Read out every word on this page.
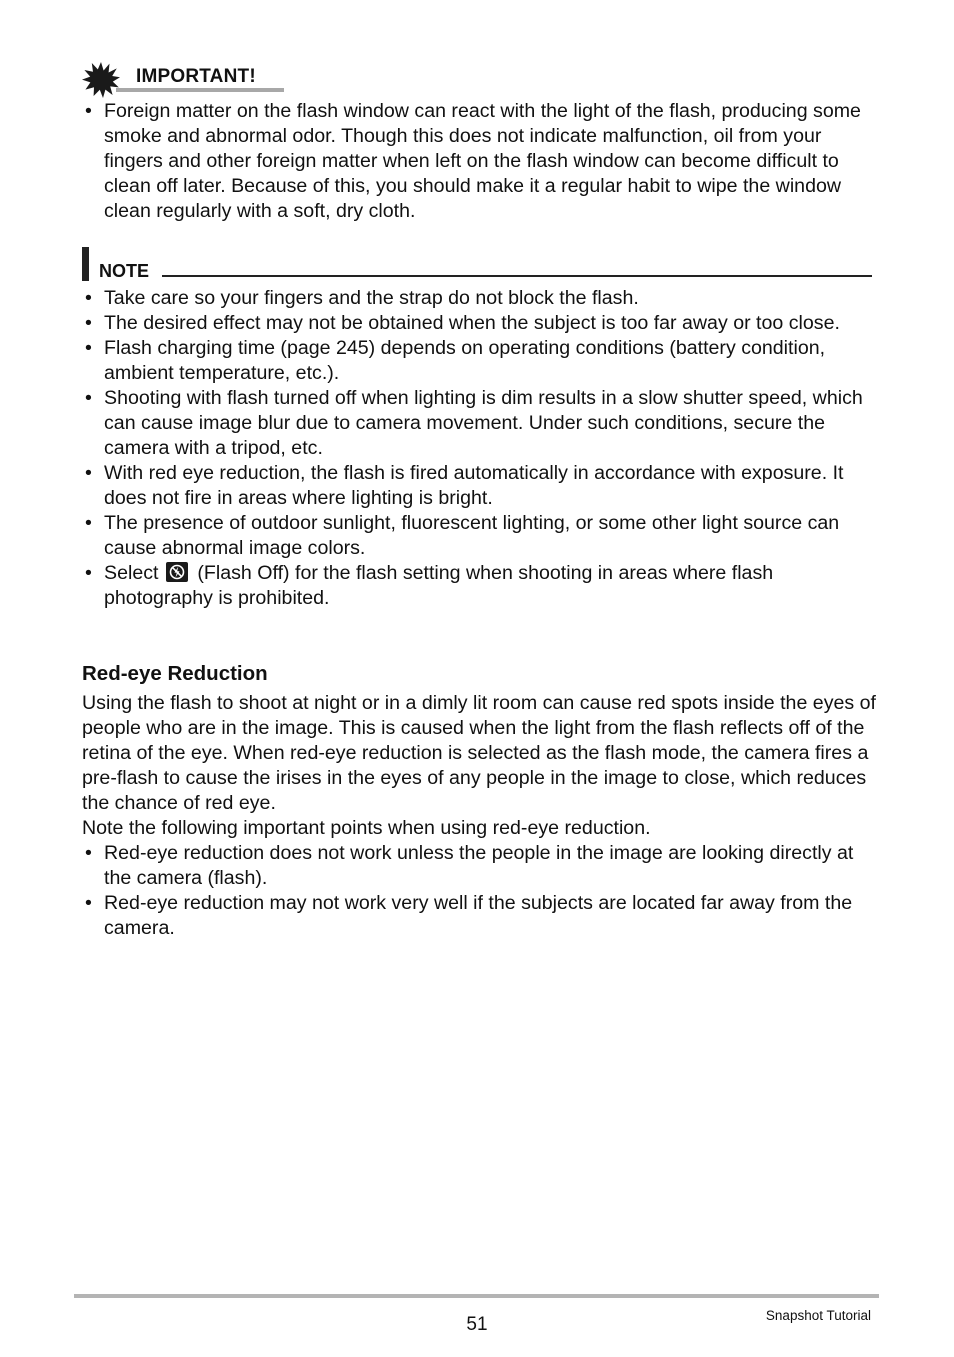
IMPORTANT!
• Foreign matter on the flash window can react with the light of the flash, producing some smoke and abnormal odor. Though this does not indicate malfunction, oil from your fingers and other foreign matter when left on the flash window can become difficult to clean off later. Because of this, you should make it a regular habit to wipe the window clean regularly with a soft, dry cloth.
NOTE
• Take care so your fingers and the strap do not block the flash.
• The desired effect may not be obtained when the subject is too far away or too close.
• Flash charging time (page 245) depends on operating conditions (battery condition, ambient temperature, etc.).
• Shooting with flash turned off when lighting is dim results in a slow shutter speed, which can cause image blur due to camera movement. Under such conditions, secure the camera with a tripod, etc.
• With red eye reduction, the flash is fired automatically in accordance with exposure. It does not fire in areas where lighting is bright.
• The presence of outdoor sunlight, fluorescent lighting, or some other light source can cause abnormal image colors.
• Select (Flash Off) for the flash setting when shooting in areas where flash photography is prohibited.
Red-eye Reduction

Using the flash to shoot at night or in a dimly lit room can cause red spots inside the eyes of people who are in the image. This is caused when the light from the flash reflects off of the retina of the eye. When red-eye reduction is selected as the flash mode, the camera fires a pre-flash to cause the irises in the eyes of any people in the image to close, which reduces the chance of red eye.

Note the following important points when using red-eye reduction.

• Red-eye reduction does not work unless the people in the image are looking directly at the camera (flash).
• Red-eye reduction may not work very well if the subjects are located far away from the camera.
51	Snapshot Tutorial
